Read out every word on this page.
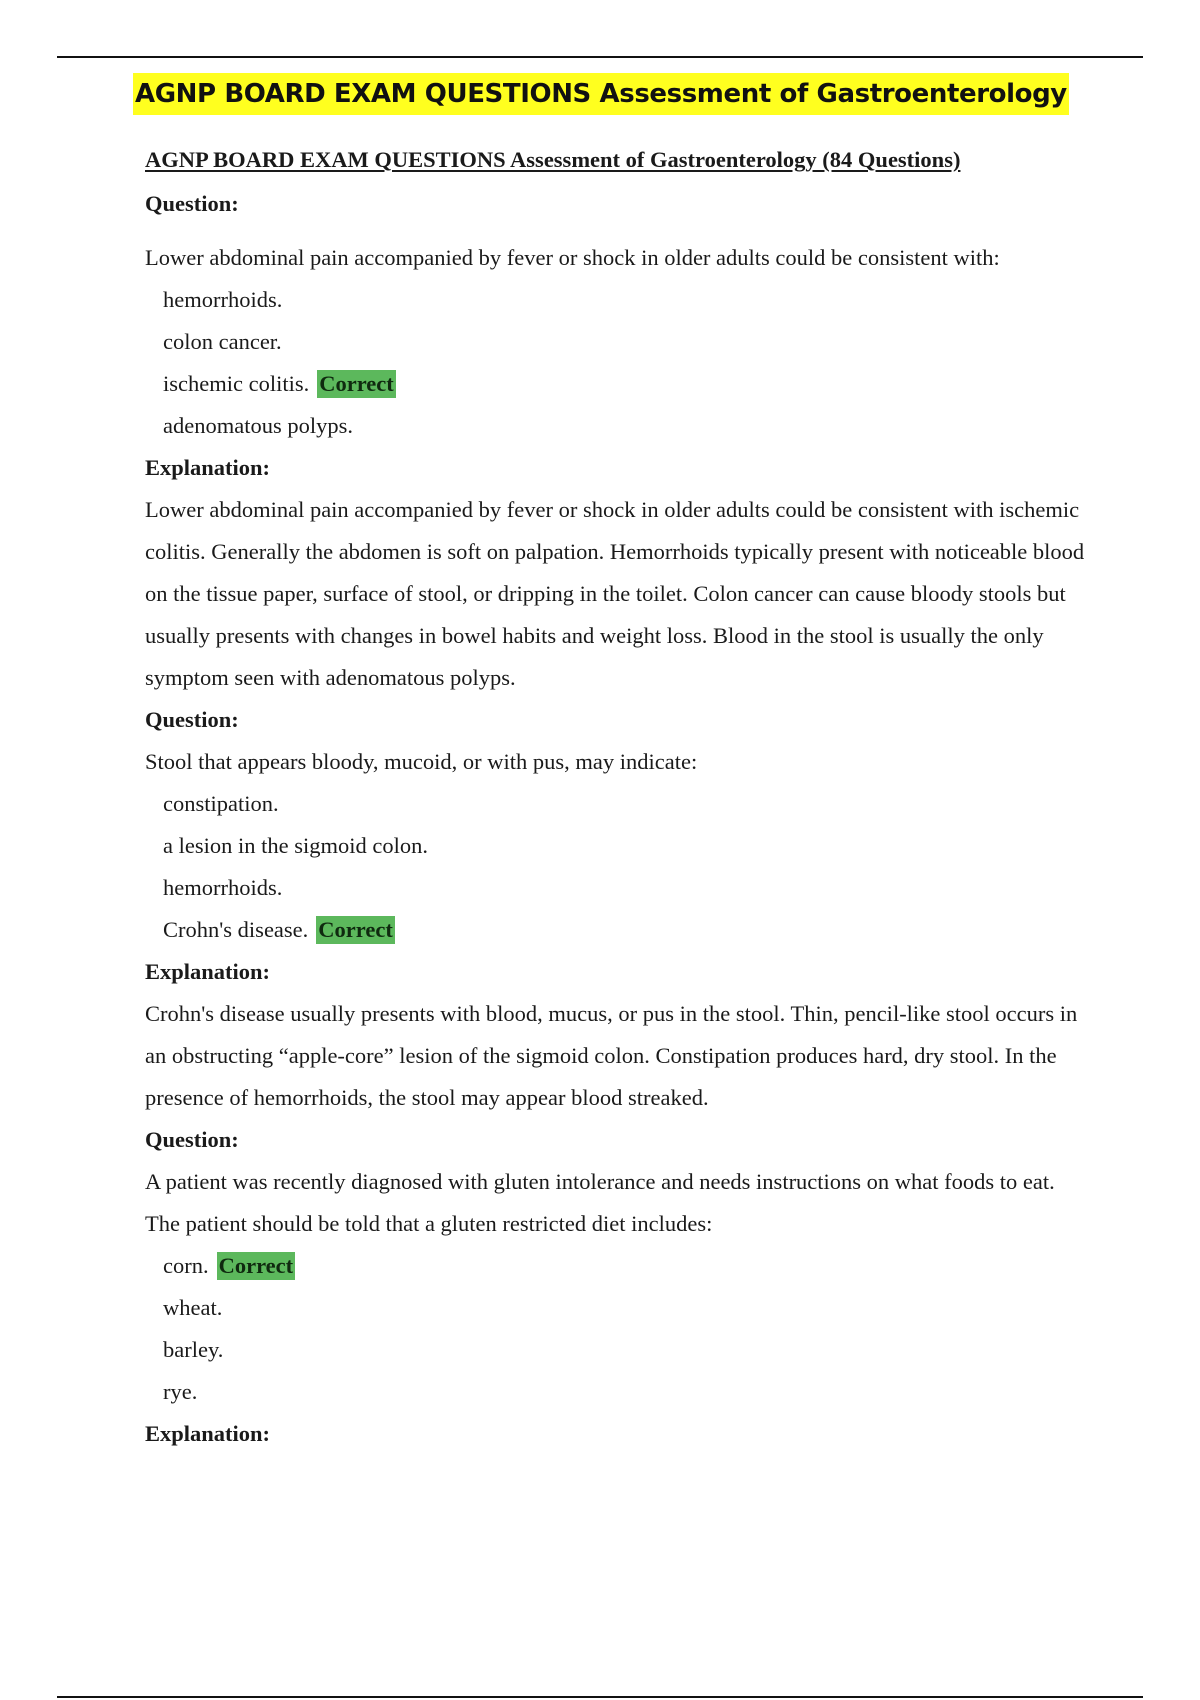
AGNP BOARD EXAM QUESTIONS Assessment of Gastroenterology

AGNP BOARD EXAM QUESTIONS Assessment of Gastroenterology (84 Questions)

Question:

Lower abdominal pain accompanied by fever or shock in older adults could be consistent with:

hemorrhoids.
colon cancer.
ischemic colitis. Correct
adenomatous polyps.

Explanation:

Lower abdominal pain accompanied by fever or shock in older adults could be consistent with ischemic colitis. Generally the abdomen is soft on palpation. Hemorrhoids typically present with noticeable blood on the tissue paper, surface of stool, or dripping in the toilet. Colon cancer can cause bloody stools but usually presents with changes in bowel habits and weight loss. Blood in the stool is usually the only symptom seen with adenomatous polyps.

Question:

Stool that appears bloody, mucoid, or with pus, may indicate:

constipation.
a lesion in the sigmoid colon.
hemorrhoids.
Crohn's disease. Correct

Explanation:

Crohn's disease usually presents with blood, mucus, or pus in the stool. Thin, pencil-like stool occurs in an obstructing “apple-core” lesion of the sigmoid colon. Constipation produces hard, dry stool. In the presence of hemorrhoids, the stool may appear blood streaked.

Question:

A patient was recently diagnosed with gluten intolerance and needs instructions on what foods to eat. The patient should be told that a gluten restricted diet includes:

corn. Correct
wheat.
barley.
rye.

Explanation:
